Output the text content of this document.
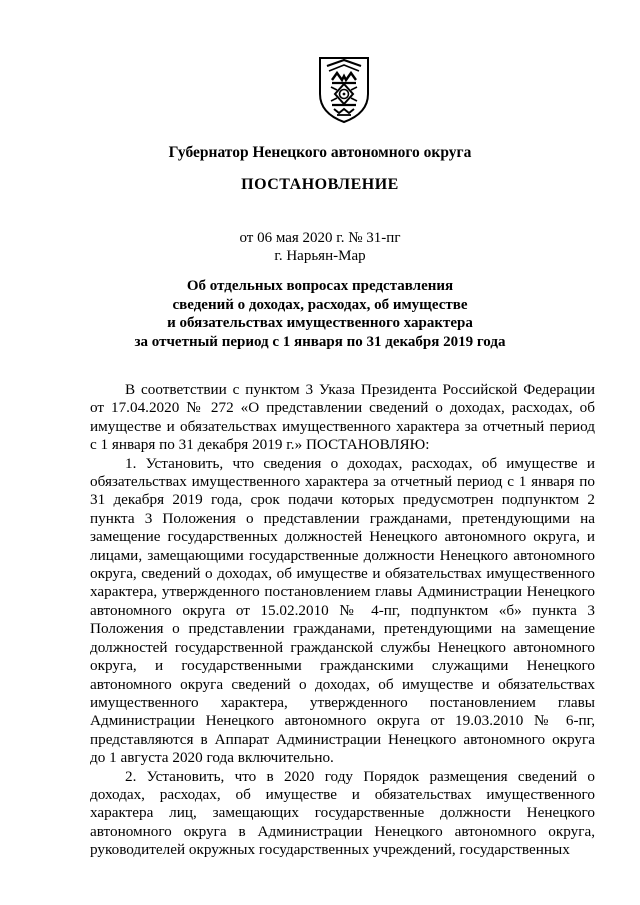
Губернатор Ненецкого автономного округа
ПОСТАНОВЛЕНИЕ
от 06 мая 2020 г. № 31-пг
г. Нарьян-Мар
Об отдельных вопросах представления
сведений о доходах, расходах, об имуществе
и обязательствах имущественного характера
за отчетный период с 1 января по 31 декабря 2019 года

В соответствии с пунктом 3 Указа Президента Российской Федерации от 17.04.2020 № 272 «О представлении сведений о доходах, расходах, об имуществе и обязательствах имущественного характера за отчетный период с 1 января по 31 декабря 2019 г.» ПОСТАНОВЛЯЮ:

1. Установить, что сведения о доходах, расходах, об имуществе и обязательствах имущественного характера за отчетный период с 1 января по 31 декабря 2019 года, срок подачи которых предусмотрен подпунктом 2 пункта 3 Положения о представлении гражданами, претендующими на замещение государственных должностей Ненецкого автономного округа, и лицами, замещающими государственные должности Ненецкого автономного округа, сведений о доходах, об имуществе и обязательствах имущественного характера, утвержденного постановлением главы Администрации Ненецкого автономного округа от 15.02.2010 № 4-пг, подпунктом «б» пункта 3 Положения о представлении гражданами, претендующими на замещение должностей государственной гражданской службы Ненецкого автономного округа, и государственными гражданскими служащими Ненецкого автономного округа сведений о доходах, об имуществе и обязательствах имущественного характера, утвержденного постановлением главы Администрации Ненецкого автономного округа от 19.03.2010 № 6-пг, представляются в Аппарат Администрации Ненецкого автономного округа до 1 августа 2020 года включительно.

2. Установить, что в 2020 году Порядок размещения сведений о доходах, расходах, об имуществе и обязательствах имущественного характера лиц, замещающих государственные должности Ненецкого автономного округа в Администрации Ненецкого автономного округа, руководителей окружных государственных учреждений, государственных
